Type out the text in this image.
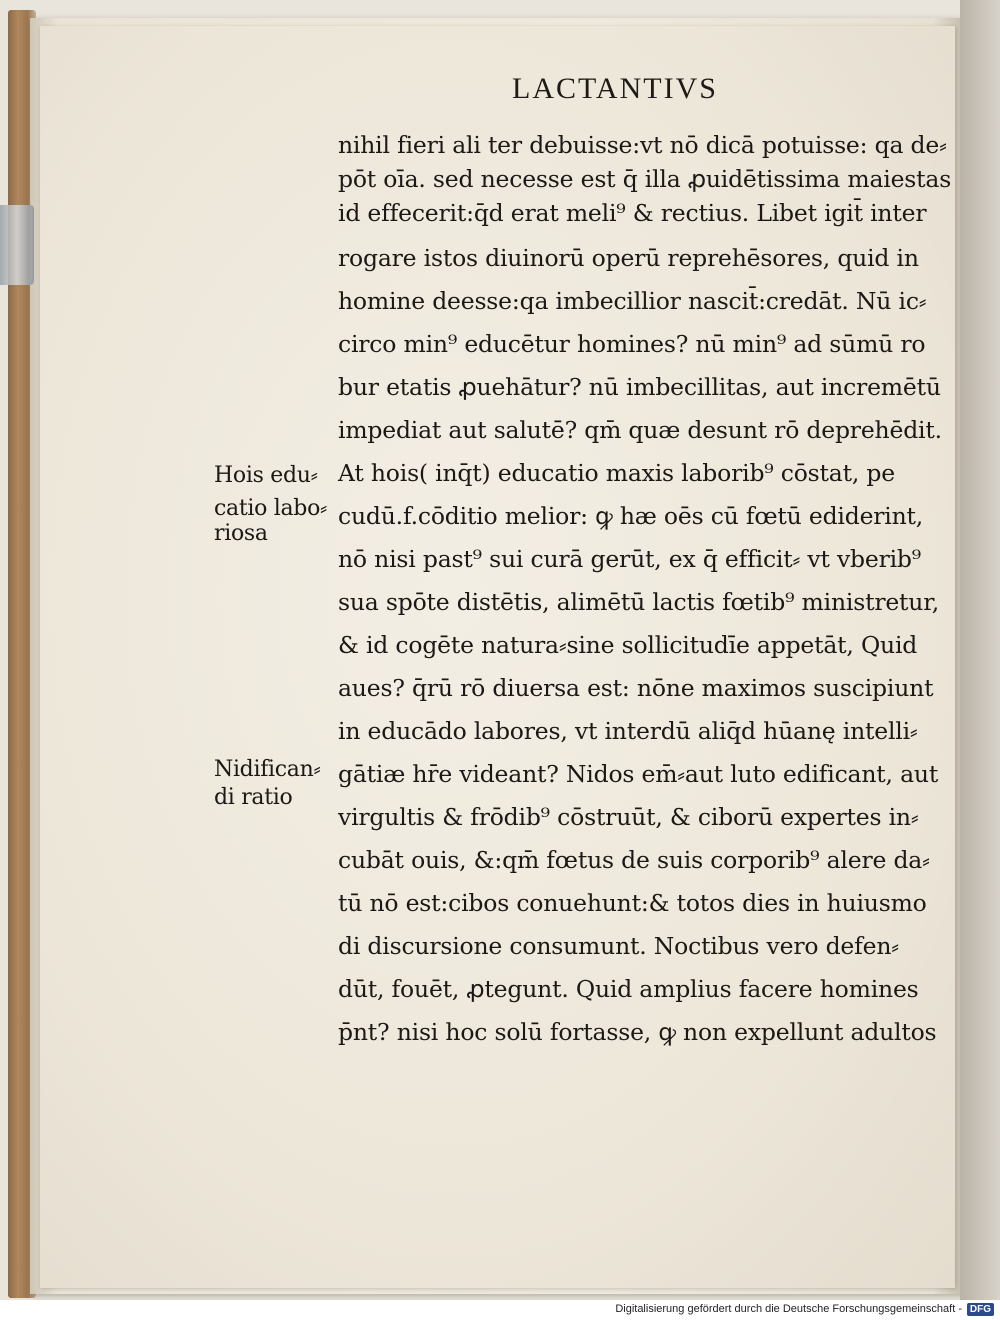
LACTANTIVS
nihil fieri ali ter debuisse:vt nō dicā potuisse: qa de⸗
pōt oīa. sed necesse est q̄ illa ꝓuidētissima maiestas
id effecerit:q̄d erat meli⁹ & rectius. Libet igit̄ inter
rogare istos diuinorū operū reprehēsores, quid in
homine deesse:qa imbecillior nascit̄:credāt. Nū ic⸗
circo min⁹ educētur homines? nū min⁹ ad sūmū ro
bur etatis ꝓuehātur? nū imbecillitas, aut incremētū
impediat aut salutē? qm̄ quæ desunt rō deprehēdit.
At hois( inq̄t) educatio maxis laborib⁹ cōstat, pe
cudū.f.cōditio melior: ꝙ hæ oēs cū fœtū ediderint,
nō nisi past⁹ sui curā gerūt, ex q̄ efficit⸗ vt vberib⁹
sua spōte distētis, alimētū lactis fœtib⁹ ministretur,
& id cogēte natura⸗sine sollicitudīe appetāt, Quid
aues? q̄rū rō diuersa est: nōne maximos suscipiunt
in educādo labores, vt interdū aliq̄d hūanę intelli⸗
gātiæ hr̄e videant? Nidos em̄⸗aut luto edificant, aut
virgultis & frōdib⁹ cōstruūt, & ciborū expertes in⸗
cubāt ouis, &:qm̄ fœtus de suis corporib⁹ alere da⸗
tū nō est:cibos conuehunt:& totos dies in huiusmo
di discursione consumunt. Noctibus vero defen⸗
dūt, fouēt, ꝓtegunt. Quid amplius facere homines
p̄nt? nisi hoc solū fortasse, ꝙ non expellunt adultos
Hois edu⸗
catio labo⸗
riosa
Nidifican⸗
di ratio
Digitalisierung gefördert durch die Deutsche Forschungsgemeinschaft - DFG
